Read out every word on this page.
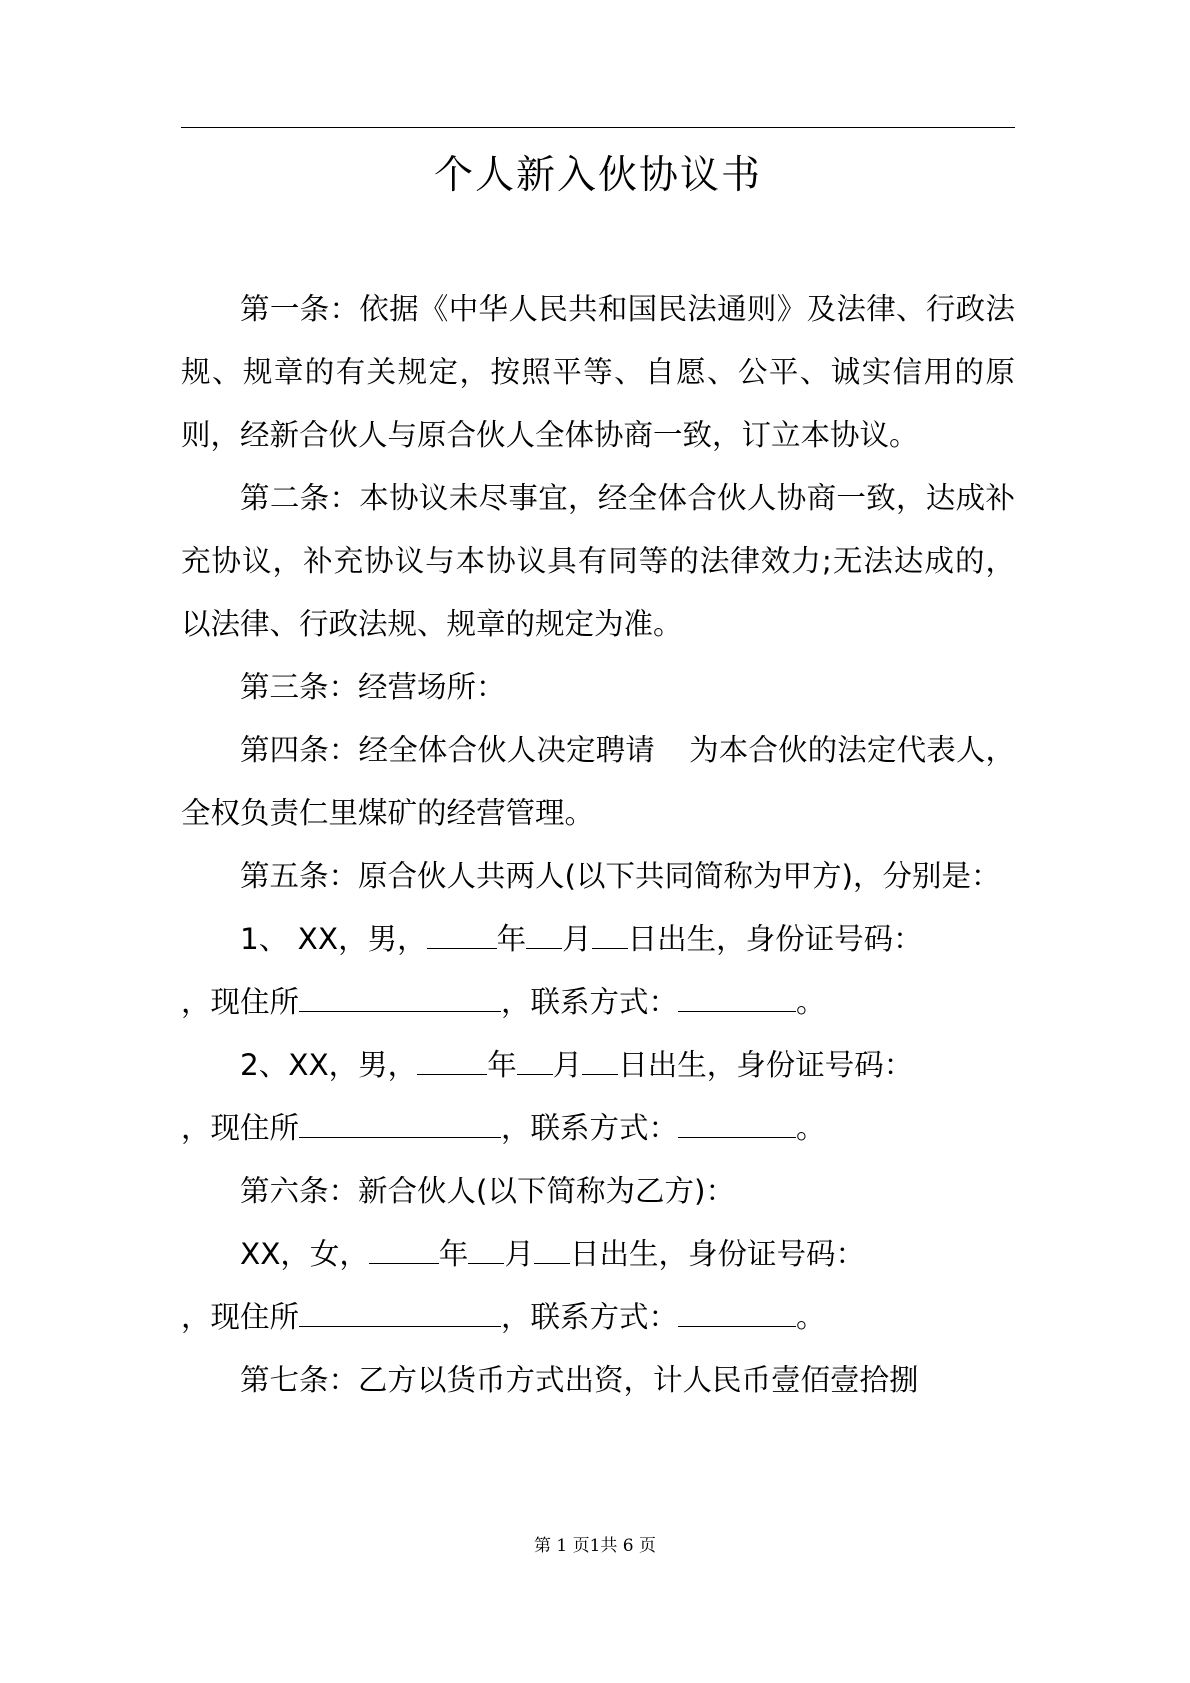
个人新入伙协议书

第一条：依据《中华人民共和国民法通则》及法律、行政法规、规章的有关规定，按照平等、自愿、公平、诚实信用的原则，经新合伙人与原合伙人全体协商一致，订立本协议。

第二条：本协议未尽事宜，经全体合伙人协商一致，达成补充协议，补充协议与本协议具有同等的法律效力;无法达成的，以法律、行政法规、规章的规定为准。

第三条：经营场所：

第四条：经全体合伙人决定聘请 为本合伙的法定代表人，全权负责仁里煤矿的经营管理。

第五条：原合伙人共两人(以下共同简称为甲方)，分别是：

1、 XX，男， 年 月 日出生，身份证号码：
，现住所	，联系方式：	。
2、XX，男， 年 月 日出生，身份证号码：
，现住所	，联系方式：	。

第六条：新合伙人(以下简称为乙方)：

XX，女， 年 月 日出生，身份证号码：
，现住所	，联系方式：	。

第七条：乙方以货币方式出资，计人民币壹佰壹拾捌

第 1 页1共 6 页
